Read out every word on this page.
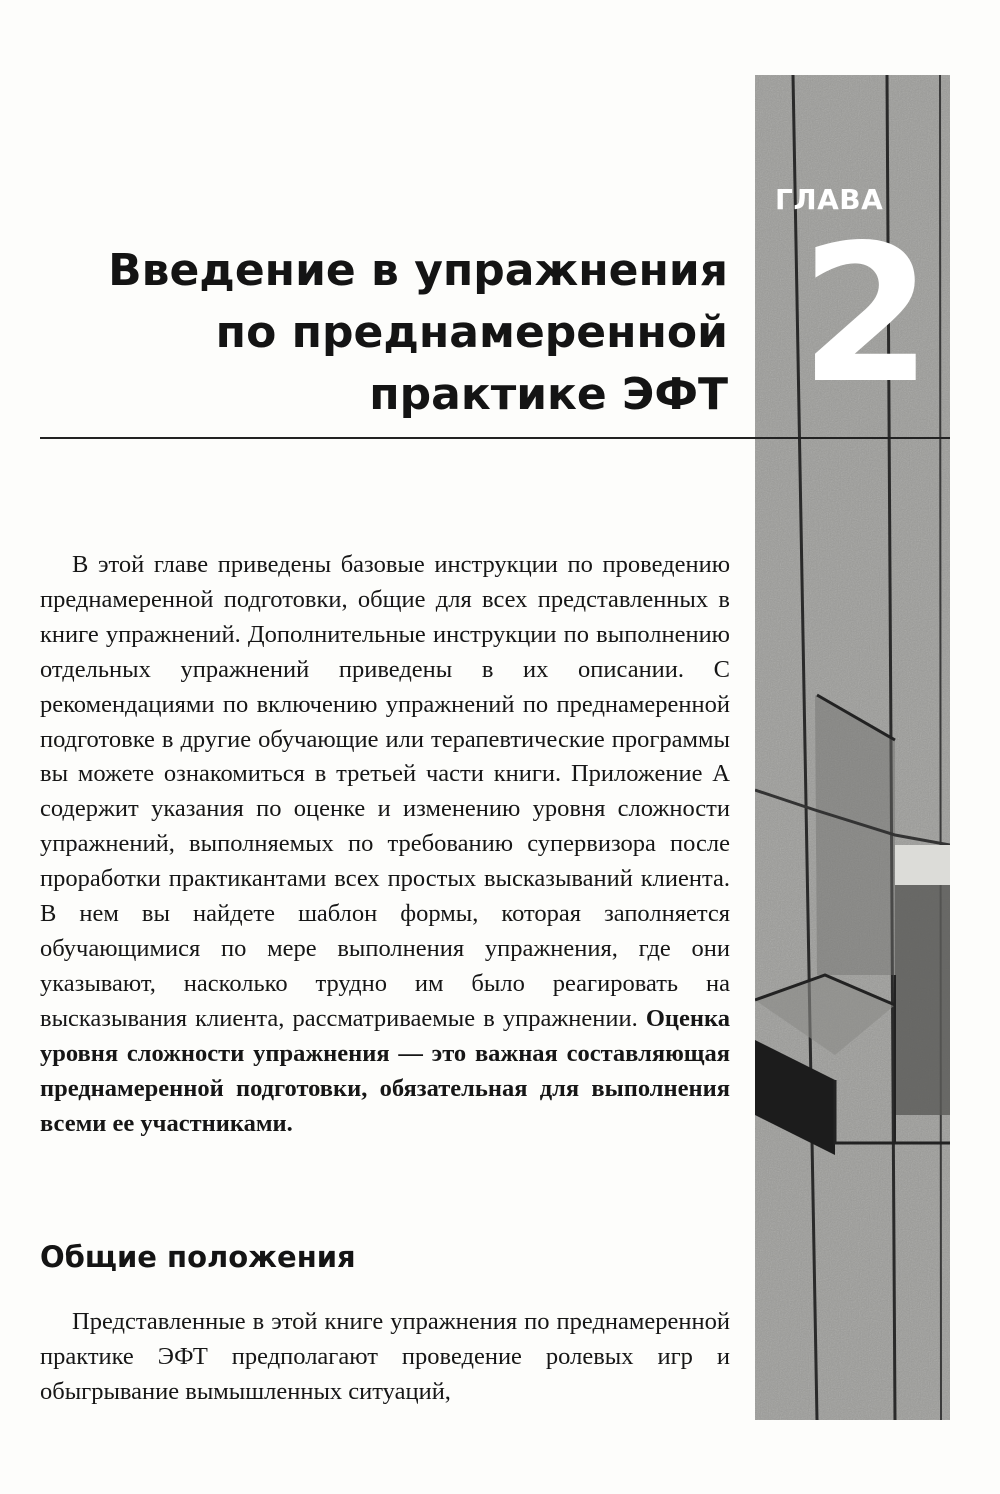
ГЛАВА
2
Введение в упражнения
по преднамеренной
практике ЭФТ

В этой главе приведены базовые инструкции по проведению преднамеренной подготовки, общие для всех представленных в книге упражнений. Дополнительные инструкции по выполнению отдельных упражнений приведены в их описании. С рекомендациями по включению упражнений по преднамеренной подготовке в другие обучающие или терапевтические программы вы можете ознакомиться в третьей части книги. Приложение А содержит указания по оценке и изменению уровня сложности упражнений, выполняемых по требованию супервизора после проработки практикантами всех простых высказываний клиента. В нем вы найдете шаблон формы, которая заполняется обучающимися по мере выполнения упражнения, где они указывают, насколько трудно им было реагировать на высказывания клиента, рассматриваемые в упражнении. Оценка уровня сложности упражнения — это важная составляющая преднамеренной подготовки, обязательная для выполнения всеми ее участниками.

Общие положения

Представленные в этой книге упражнения по преднамеренной практике ЭФТ предполагают проведение ролевых игр и обыгрывание вымышленных ситуаций,
